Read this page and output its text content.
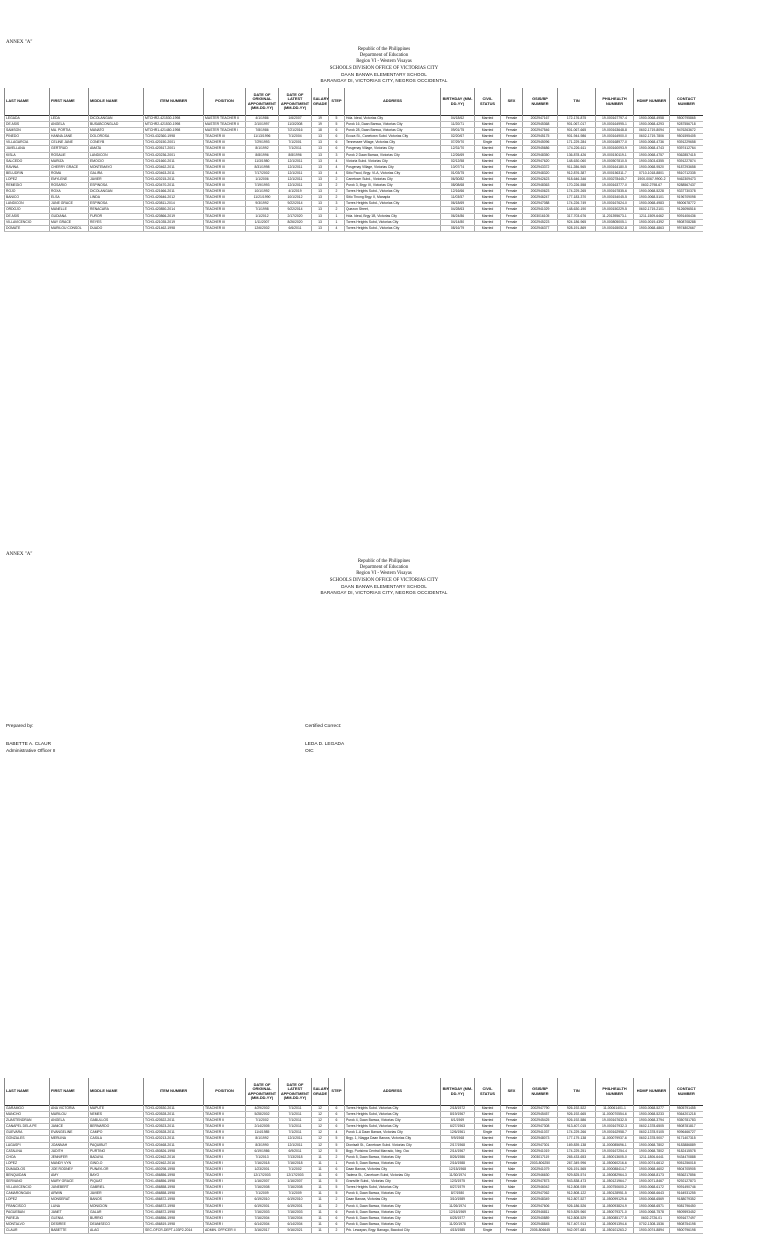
ANNEX "A"
Republic of the Philippines
Department of Education
Region VI - Western Visayas
SCHOOLS DIVISION OFFICE OF VICTORIAS CITY
DAAN BANWA ELEMENTARY SCHOOL
BARANGAY DI, VICTORIAS CITY, NEGROS OCCIDENTAL
LAST NAME	FIRST NAME	MIDDLE NAME	ITEM NUMBER	POSITION	DATE OF ORIGINAL APPOINTMENT (MM-DD-YY)	DATE OF LATEST APPOINTMENT (MM-DD-YY)	SALARY GRADE	STEP	ADDRESS	BIRTHDAY (MM-DD-YY)	CIVIL STATUS	SEX	GSIS/BP NUMBER	TIN	PHILHEALTH NUMBER	HDMF NUMBER	CONTACT NUMBER
LEGADA	LEDA	DICOLANGAN	MTCHR2-421530-1998	MASTER TEACHER II	4/1/1986	1/6/2007	19	5	Hda. Ideal, Victorias City	04/18/62	Married	Female	2002947167	172-176-875	19-000167797-4	1900-0068-4958	9500795865
DE ASIS	ANGELA	BUSABCONGLAD	MTCHR2-421530-1998	MASTER TEACHER II	2/10/1997	11/3/2008	19	5	Purok 16, Daan Banwa, Victorias City	11/20/71	Married	Female	2002945368	901-067-017	19-000164995-1	1900-0068-4293	9287556718
SAMSON	MA. PORTIA	MANATO	MTCHR1-421480-1998	MASTER TEACHER I	7/8/1986	7/21/2016	18	6	Purok 28, Daan Banwa, Victorias City	09/01/75	Married	Female	2002947546	901-067-665	19-000163648-8	0602-1719-8094	9476263672
PINEDO	HANNA JANE	DOLOROSA	TCH3-432360-1998	TEACHER III	11/13/1996	7/1/2004	13	6	Ecoza St., Canetown Subd. Victorias City	02/20/67	Married	Female	2002945175	901-944-986	19-000164900-0	0602-1719-7806	9501595405
VILLAGARCIA	CELINE JANE	CONEYB	TCH3-420150-2001	TEACHER III	7/29/1993	7/1/2001	13	6	Tennessee Village, Victorias City	07/29/70	Single	Female	2002945096	171-229-284	19-000168977-0	1900-0068-4736	9391229658
JAVELLANA	GERTRUD	AMATA	TCH3-420517-2001	TEACHER III	8/1/1992	7/1/2011	13	6	Posgenay Village, Victorias City	12/31/70	Married	Female	2002945686	174-226-611	19-000160093-9	1900-0068-4743	9397412764
KISLA	ROSALIE	LANDICON	TCH3-420236-2001	TEACHER III	8/8/1996	8/8/1996	13	3	Purok 2 Daan Banwa, Victorias City	12/26/69	Married	Female	2002948350	136-878-426	19-000150119-1	1900-0068-4757	9362857415
SALCEDO	MARIZA	EMOCIO	TCH3-421660-2011	TEACHER III	11/3/1980	12/1/2011	13	4	Victoria Subd. Victorias City	02/12/58	Married	Female	2002947620	148-630-060	19-000507810-5	1900-0303-6355	9391227874
RAVINA	CHERRY GRACE	MONTEMAYO	TCH3-420462-2011	TEACHER III	8/31/1998	12/1/2011	13	4	Posgenay Village, Victorias City	10/07/74	Married	Female	2002943372	911-286-965	19-000164180-5	1900-0068-9520	9187293658
BELUDRIN	ROMA	GALIRA	TCH3-420463-2011	TEACHER III	7/17/2002	12/1/2011	13	4	Sitio Paod, Brgy. VI-A, Victorias City	01/03/75	Married	Female	2002948320	912-876-387	19-000156311-7	0710-1018-8801	9510712335
LOPEZ	EMYLENE	JAVIER	TCH3-420215-2011	TEACHER III	1/1/2006	12/1/2011	13	2	Canetown Subd., Victorias City	06/30/82	Married	Female	2002942623	918-646-346	19-000278445-7	1900-0067-9900-2	9462309473
REMEGIO	ROSARIO	ESPINOSA	TCH3-420470-2011	TEACHER III	7/19/1993	12/1/2011	13	2	Purok 3, Brgy. III, Victorias City	08/08/68	Married	Female	2002948363	170-226-558	19-000163777-0	0602-2798-67	9288567437
ROJO	ROXA	DICOLANGAN	TCH3-421666-2011	TEACHER III	10/1/1992	4/1/2019	13	2	Torres Heights Subd., Victorias City	12/16/66	Married	Female	2002940623	174-229-265	19-000167835-6	1900-0068-5228	9337730378
BANICO	ELSA	LINDA	TCH3-420646-2012	TEACHER III	11/21/1990	10/1/2012	13	2	Sitio Tinong Brgy. II, Manapla	11/03/57	Married	Female	2002946247	177-183-370	19-000154045-5	1900-0068-5101	9196709098
LANDICON	JUNE GRACE	ESPINOSA	TCH3-420811-2014	TEACHER III	9/3/1992	9/22/2014	13	3	Torres Heights Subd., Victorias City	06/18/69	Married	Female	2002947088	174-226-749	19-000167624-0	1900-0068-4983	9500678772
ORDOJO	MANELLE	RENACARA	TCH3-420850-2014	TEACHER III	7/1/1998	9/22/2014	13	2	Quezon Street,	04/28/63	Married	Female	2002941029	148-630-190	19-000150229-5	0602-1719-2101	9126096516
DE ASIS	GUDIANA	FUROR	TCH3-420866-2019	TEACHER III	1/1/2012	2/17/2020	13	1	Hda. Ideal, Brgy 1B, Victorias City	06/24/86	Married	Female	2003016105	317-703-676	11-201395673-1	1211-1509-6462	9091406436
VILLAVICENCIO	MAY GRACE	REYES	TCH3-421035-2019	TEACHER III	1/11/2007	8/26/2020	13	1	Torres Heights Subd, Victorias City	04/14/80	Married	Female	2002945223	924-186-965	19-000805005-1	1900-0019-4392	9508708288
DOMATE	MARILOU CONSOL	DUADO	TCH3-421462-1998	TEACHER III	12/6/2002	6/6/2011	13	4	Torres Heights Subd., Victorias City	08/16/79	Married	Female	2002946377	928-191-869	19-000165052-8	1900-0068-4863	9974802667
ANNEX "A"
Republic of the Philippines
Department of Education
Region VI - Western Visayas
SCHOOLS DIVISION OFFICE OF VICTORIAS CITY
DAAN BANWA ELEMENTARY SCHOOL
BARANGAY DI, VICTORIAS CITY, NEGROS OCCIDENTAL
LAST NAME	FIRST NAME	MIDDLE NAME	ITEM NUMBER	POSITION	DATE OF ORIGINAL APPOINTMENT (MM-DD-YY)	DATE OF LATEST APPOINTMENT (MM-DD-YY)	SALARY GRADE	STEP	ADDRESS	BIRTHDAY (MM-DD-YY)	CIVIL STATUS	SEX	GSIS/BP NUMBER	TIN	PHILHEALTH NUMBER	HDMF NUMBER	CONTACT NUMBER
GARAMGO	ANA VICTORIA	MAPUTE	TCH3-420530-2011	TEACHER II	4/29/2002	7/1/2011	12	6	Torres Heights Subd. Victorias City	2/18/1972	Married	Female	2002947790	926-192-522	11-00061401-1	1900-0068-5277	9505791455
MANCHO	MARILOU	NEMES	TCH3-420528-2011	TEACHER II	5/28/2002	7/1/2011	12	6	Torres Heights Subd, Victorias City	8/19/1967	Married	Female	2002945457	926-192-665	11-000070554-6	1900-0068-5233	9364201218
ZUASTENDRAN	ANGELA	GABULLOS	TCH3-420522-2011	TEACHER II	7/1/2002	7/1/2011	12	6	Purok 4, Daan Banwa, Victorias City	6/1/1969	Married	Female	2002945425	926-192-586	19-000167632-5	1900-0068-3794	9350781783
CANAPEL DELA PE	JANICE	BERNARDO	TCH3-420523-2011	TEACHER II	2/14/2005	7/1/2011	12	6	Torres Heights Subd, Victorias City	6/27/1963	Married	Female	2002947308	913-407-015	19-000167932-3	0602-1378-6505	9508781817
GUEVARA	EVANGELINE	CAMPO	TCH3-420528-2011	TEACHER II	11/4/1985	7/1/2011	12	4	Purok 1-A Daan Banwa, Victorias City	12/6/1961	Single	Female	2002941037	174-229-266	19-000162958-7	0602-1378-9105	9096466727
GONZALES	MERLINA	CASILA	TCH3-420213-2011	TEACHER II	8/1/1992	12/1/2011	12	5	Brgy. 1, Niagga Daan Banwa, Victorias City	9/9/1968	Married	Female	2002948073	177-179-138	11-000079937-6	0602-1378-9007	9171407315
LAGASPI	JOANNAH	PAQUIBUT	TCH3-420468-2011	TEACHER II	8/3/1990	12/1/2011	12	5	Dionisalt St., Canetown Subd. Victorias City	2/17/1968	Married	Female	2002947301	169-839-138	11-000085696-1	1900-0068-7802	9183886889
CATALINA	JUDITH	PURTINO	TCH3-450826-1998	TEACHER II	6/19/1986	6/9/2011	12	5	Brgy. Purisima Central Marrado, Neg. Occ	2/14/1967	Married	Female	2002941019	174-229-251	19-000167254-4	1900-0068-7802	9182415578
CHOA	JENNIFER	BADAYA	TCH3-422462-2016	TEACHER I	7/1/2013	7/13/2018	11	2	Purok 5, Daan Banwa, Victorias City	8/26/1986	Married	Female	2003017119	265-433-653	11-050013605-0	1211-1806-6441	9434470888
LOPEZ	MANDY VYN	GINO-O	TCH3-422462-2016	TEACHER I	7/16/2018	7/16/2018	11	1	Purok 5, Daan Banwa, Victorias City	2/16/1988	Married	Female	2003-806250	267-349-996	11-050060216-6	1900-0074-6612	9051256018
DUMADLOS	JOE RODNEY	PUNAYLOR	TCH1-450298-1998	TEACHER I	1/23/2001	7/1/2002	11	6	Daan Banwa, Victorias City	12/15/1968	Married	Male	2002941079	926-191-565	11-000088414-7	1900-0068-4602	9504705905
BENQUIDAN	AMY	BAYO	TCH1-456856-1998	TEACHER I	12/17/2003	12/17/2003	11	6	Tadena St., Canetown Subd, Victorias City	11/30/1974	Married	Female	2002946630	929-825-574	11-050082964-3	1900-0068-8173	9536217856
SERVANO	MARY GRACE	PIQUAT	TCH1-456856-1998	TEACHER I	1/16/2007	1/16/2007	11	5	Granville Subd., Victorias City	12/3/1975	Married	Female	2002947873	943-838-473	11-050121964-7	1900-0071-8467	9292127873
VILLAVICENCIO	JUNEBERT	GABRIEL	TCH1-456858-1998	TEACHER I	7/16/2008	7/16/2008	11	5	Torres Heights Subd, Victorias City	6/27/1979	Married	Male	2002946042	912-808-939	11-000750600-2	1900-0068-6172	9091490746
CAMARONGAN	ARWIN	JAVIER	TCH1-456858-1998	TEACHER I	7/1/2009	7/1/2009	11	5	Purok 6, Daan Banwa, Victorias City	8/7/1980	Married	Female	2002947062	912-808-122	11-050128951-5	1900-0068-6643	9164931255
LOPEZ	MONSERAT	BANOS	TCH1-456872-1998	TEACHER I	6/19/2010	6/19/2010	11	2	Daan Banwa, Victorias City	3/10/1989	Married	Female	2002948349	912-807-527	11-050099129-6	1900-0068-6569	9188079352
FRANCISCO	LUNA	MONICION	TCH1-456872-1998	TEACHER I	6/19/2001	6/19/2001	11	2	Purok 4, Daan Banwa, Victorias City	11/26/1974	Married	Female	2002947606	926-186-526	11-050093824-9	1900-0068-6571	9081796450
PAGUEBAN	JANET	GALAR	TCH1-456872-1998	TEACHER I	7/16/2003	7/16/2003	11	6	Purok 6, Daan Banwa, Victorias City	12/16/1969	Married	Female	2002946811	919-829-960	11-050079371-0	1900-0068-7578	9509593452
PAREJA	GLENIA	BURRIO	TCH1-456856-1998	TEACHER I	7/16/2004	7/16/2004	11	6	Purok 6, Daan Banwa, Victorias City	6/25/1977	Married	Female	2002940889	912-808-529	11-050085177-5	0602-2726-01	9091677497
MONTALVO	DESIREE	DEANISECO	TCH1-456819-1998	TEACHER I	6/14/2004	6/14/2004	11	6	Purok 6, Daan Banwa, Victorias City	11/20/1978	Married	Female	2002948845	917-407-913	11-050091394-6	0702-1308-1536	9508754198
CLAUR	BABETTE	ALAG	SEC-OFCR-DEPT-L03P2-2014	ADMIN. OFFICER II	3/16/2017	9/16/2021	11	2	Prk. Lewayan, Brgy. Banago, Bacolod City	4/15/1985	Single	Female	2005-806645	942-097-681	11-050101263-2	1900-0074-8894	9500796198
Prepared by:	Certified Correct:
BABETTE A. CLAUR
Administrative Officer II
LEDA D. LEGADA
OIC
